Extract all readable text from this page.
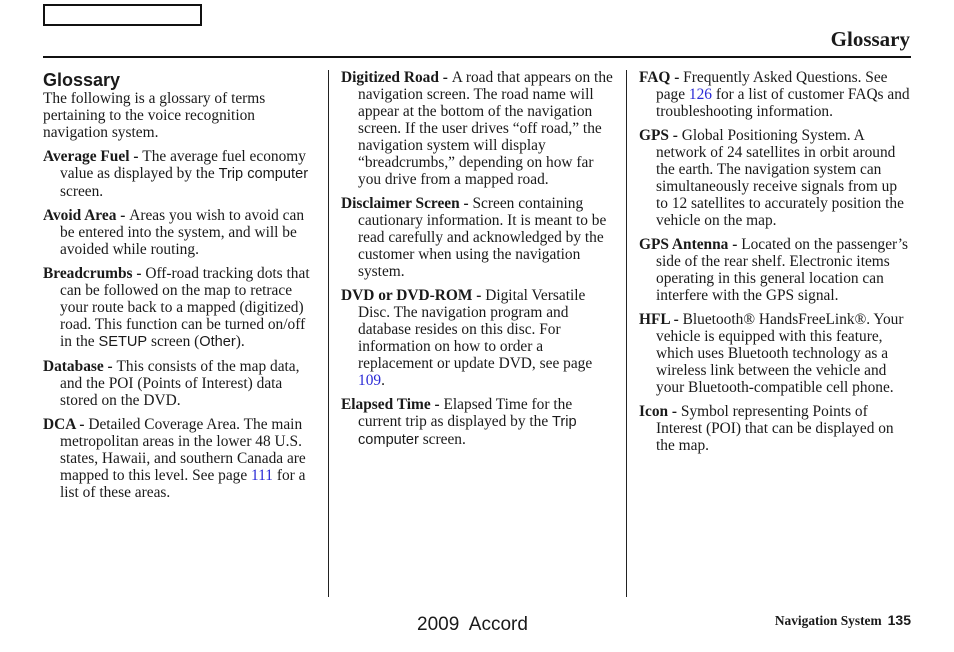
Glossary
Glossary

The following is a glossary of terms pertaining to the voice recognition navigation system.

Average Fuel - The average fuel economy value as displayed by the Trip computer screen.

Avoid Area - Areas you wish to avoid can be entered into the system, and will be avoided while routing.

Breadcrumbs - Off-road tracking dots that can be followed on the map to retrace your route back to a mapped (digitized) road. This function can be turned on/off in the SETUP screen (Other).

Database - This consists of the map data, and the POI (Points of Interest) data stored on the DVD.

DCA - Detailed Coverage Area. The main metropolitan areas in the lower 48 U.S. states, Hawaii, and southern Canada are mapped to this level. See page 111 for a list of these areas.

Digitized Road - A road that appears on the navigation screen. The road name will appear at the bottom of the navigation screen. If the user drives “off road,” the navigation system will display “breadcrumbs,” depending on how far you drive from a mapped road.

Disclaimer Screen - Screen containing cautionary information. It is meant to be read carefully and acknowledged by the customer when using the navigation system.

DVD or DVD-ROM - Digital Versatile Disc. The navigation program and database resides on this disc. For information on how to order a replacement or update DVD, see page 109.

Elapsed Time - Elapsed Time for the current trip as displayed by the Trip computer screen.

FAQ - Frequently Asked Questions. See page 126 for a list of customer FAQs and troubleshooting information.

GPS - Global Positioning System. A network of 24 satellites in orbit around the earth. The navigation system can simultaneously receive signals from up to 12 satellites to accurately position the vehicle on the map.

GPS Antenna - Located on the passenger’s side of the rear shelf. Electronic items operating in this general location can interfere with the GPS signal.

HFL - Bluetooth® HandsFreeLink®. Your vehicle is equipped with this feature, which uses Bluetooth technology as a wireless link between the vehicle and your Bluetooth-compatible cell phone.

Icon - Symbol representing Points of Interest (POI) that can be displayed on the map.

2009  Accord	Navigation System 135
